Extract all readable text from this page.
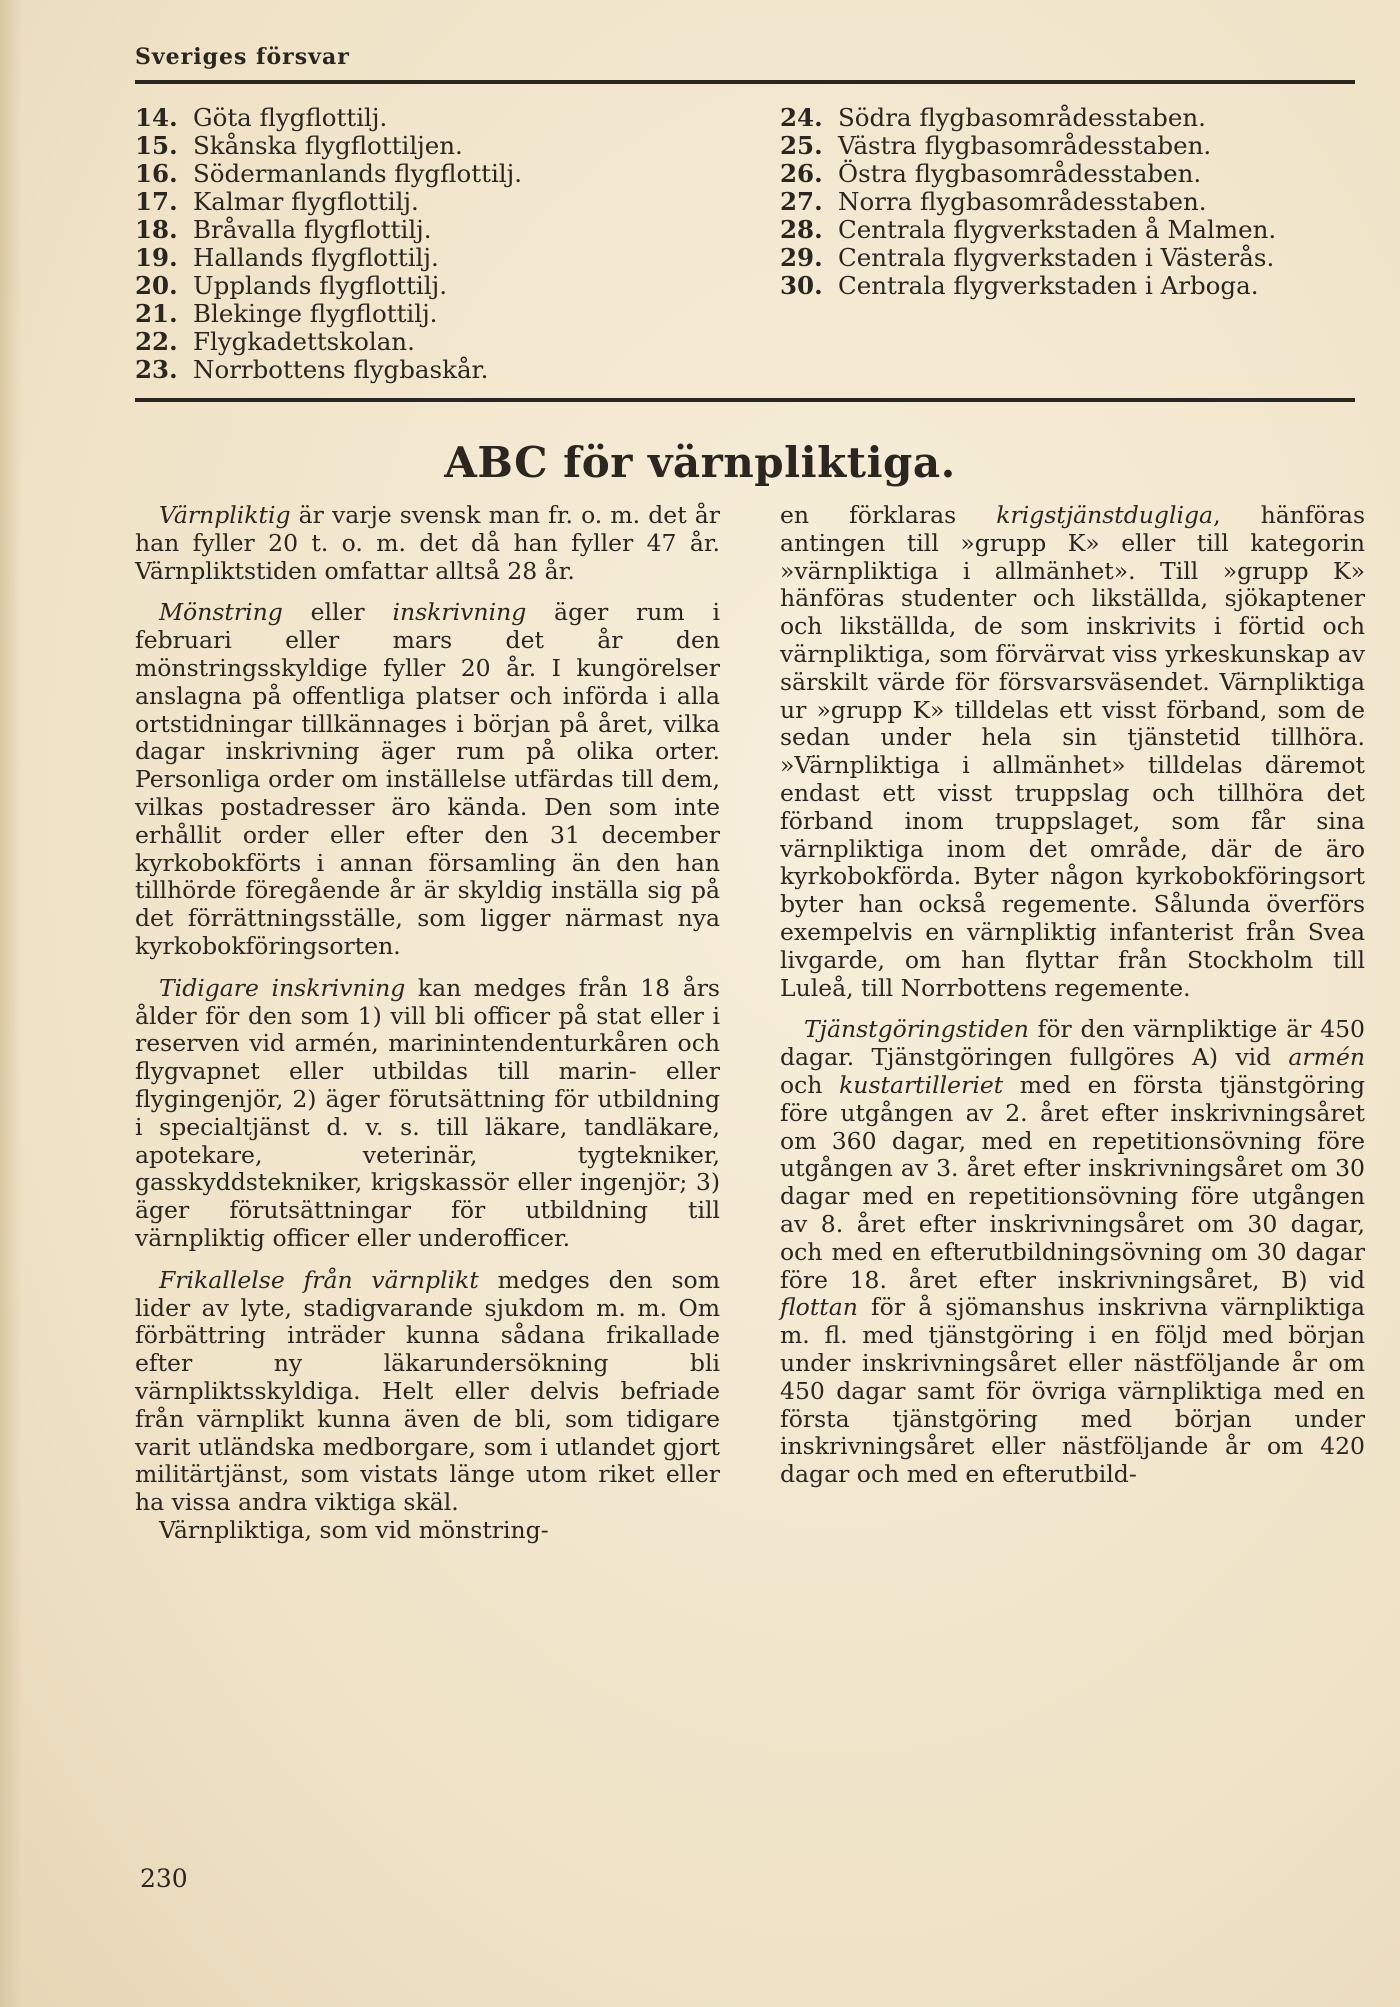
Sveriges försvar
14. Göta flygflottilj.
15. Skånska flygflottiljen.
16. Södermanlands flygflottilj.
17. Kalmar flygflottilj.
18. Bråvalla flygflottilj.
19. Hallands flygflottilj.
20. Upplands flygflottilj.
21. Blekinge flygflottilj.
22. Flygkadettskolan.
23. Norrbottens flygbaskår.
24. Södra flygbasområdesstaben.
25. Västra flygbasområdesstaben.
26. Östra flygbasområdesstaben.
27. Norra flygbasområdesstaben.
28. Centrala flygverkstaden å Malmen.
29. Centrala flygverkstaden i Västerås.
30. Centrala flygverkstaden i Arboga.
ABC för värnpliktiga.

Värnpliktig är varje svensk man fr. o. m. det år han fyller 20 t. o. m. det då han fyller 47 år. Värnpliktstiden omfattar alltså 28 år.

Mönstring eller inskrivning äger rum i februari eller mars det år den mönstringsskyldige fyller 20 år. I kungörelser anslagna på offentliga platser och införda i alla ortstidningar tillkännages i början på året, vilka dagar inskrivning äger rum på olika orter. Personliga order om inställelse utfärdas till dem, vilkas postadresser äro kända. Den som inte erhållit order eller efter den 31 december kyrkobokförts i annan församling än den han tillhörde föregående år är skyldig inställa sig på det förrättningsställe, som ligger närmast nya kyrkobokföringsorten.

Tidigare inskrivning kan medges från 18 års ålder för den som 1) vill bli officer på stat eller i reserven vid armén, marinintendenturkåren och flygvapnet eller utbildas till marin- eller flygingenjör, 2) äger förutsättning för utbildning i specialtjänst d. v. s. till läkare, tandläkare, apotekare, veterinär, tygtekniker, gasskyddstekniker, krigskassör eller ingenjör; 3) äger förutsättningar för utbildning till värnpliktig officer eller underofficer.

Frikallelse från värnplikt medges den som lider av lyte, stadigvarande sjukdom m. m. Om förbättring inträder kunna sådana frikallade efter ny läkarundersökning bli värnpliktsskyldiga. Helt eller delvis befriade från värnplikt kunna även de bli, som tidigare varit utländska medborgare, som i utlandet gjort militärtjänst, som vistats länge utom riket eller ha vissa andra viktiga skäl.

Värnpliktiga, som vid mönstring-

en förklaras krigstjänstdugliga, hänföras antingen till »grupp K» eller till kategorin »värnpliktiga i allmänhet». Till »grupp K» hänföras studenter och likställda, sjökaptener och likställda, de som inskrivits i förtid och värnpliktiga, som förvärvat viss yrkeskunskap av särskilt värde för försvarsväsendet. Värnpliktiga ur »grupp K» tilldelas ett visst förband, som de sedan under hela sin tjänstetid tillhöra. »Värnpliktiga i allmänhet» tilldelas däremot endast ett visst truppslag och tillhöra det förband inom truppslaget, som får sina värnpliktiga inom det område, där de äro kyrkobokförda. Byter någon kyrkobokföringsort byter han också regemente. Sålunda överförs exempelvis en värnpliktig infanterist från Svea livgarde, om han flyttar från Stockholm till Luleå, till Norrbottens regemente.

Tjänstgöringstiden för den värnpliktige är 450 dagar. Tjänstgöringen fullgöres A) vid armén och kustartilleriet med en första tjänstgöring före utgången av 2. året efter inskrivningsåret om 360 dagar, med en repetitionsövning före utgången av 3. året efter inskrivningsåret om 30 dagar med en repetitionsövning före utgången av 8. året efter inskrivningsåret om 30 dagar, och med en efterutbildningsövning om 30 dagar före 18. året efter inskrivningsåret, B) vid flottan för å sjömanshus inskrivna värnpliktiga m. fl. med tjänstgöring i en följd med början under inskrivningsåret eller nästföljande år om 450 dagar samt för övriga värnpliktiga med en första tjänstgöring med början under inskrivningsåret eller nästföljande år om 420 dagar och med en efterutbild-

230
